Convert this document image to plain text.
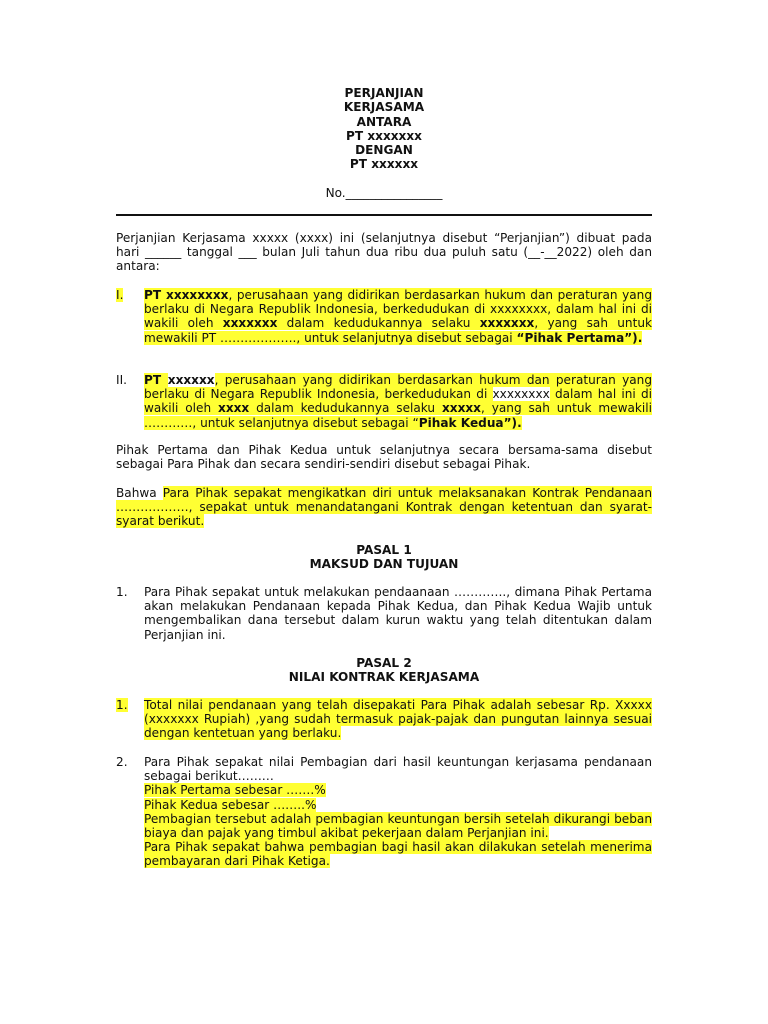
PERJANJIAN
KERJASAMA
ANTARA
PT xxxxxxx
DENGAN
PT xxxxxx
No.________________
Perjanjian Kerjasama xxxxx (xxxx) ini (selanjutnya disebut “Perjanjian”) dibuat pada hari ______ tanggal ___ bulan Juli tahun dua ribu dua puluh satu (__-__2022) oleh dan antara:
I. PT xxxxxxxx, perusahaan yang didirikan berdasarkan hukum dan peraturan yang berlaku di Negara Republik Indonesia, berkedudukan di xxxxxxxx, dalam hal ini di wakili oleh xxxxxxx dalam kedudukannya selaku xxxxxxx, yang sah untuk mewakili PT ………………., untuk selanjutnya disebut sebagai “Pihak Pertama”).
II. PT xxxxxx, perusahaan yang didirikan berdasarkan hukum dan peraturan yang berlaku di Negara Republik Indonesia, berkedudukan di xxxxxxxx dalam hal ini di wakili oleh xxxx dalam kedudukannya selaku xxxxx, yang sah untuk mewakili …………, untuk selanjutnya disebut sebagai “Pihak Kedua”).
Pihak Pertama dan Pihak Kedua untuk selanjutnya secara bersama-sama disebut sebagai Para Pihak dan secara sendiri-sendiri disebut sebagai Pihak.
Bahwa Para Pihak sepakat mengikatkan diri untuk melaksanakan Kontrak Pendanaan ………………, sepakat untuk menandatangani Kontrak dengan ketentuan dan syarat-syarat berikut.
PASAL 1
MAKSUD DAN TUJUAN
1. Para Pihak sepakat untuk melakukan pendaanaan …………., dimana Pihak Pertama akan melakukan Pendanaan kepada Pihak Kedua, dan Pihak Kedua Wajib untuk mengembalikan dana tersebut dalam kurun waktu yang telah ditentukan dalam Perjanjian ini.
PASAL 2
NILAI KONTRAK KERJASAMA
1. Total nilai pendanaan yang telah disepakati Para Pihak adalah sebesar Rp. Xxxxx (xxxxxxx Rupiah) ,yang sudah termasuk pajak-pajak dan pungutan lainnya sesuai dengan kentetuan yang berlaku.
2. Para Pihak sepakat nilai Pembagian dari hasil keuntungan kerjasama pendanaan sebagai berikut………
Pihak Pertama sebesar …….%
Pihak Kedua sebesar ……..%
Pembagian tersebut adalah pembagian keuntungan bersih setelah dikurangi beban biaya dan pajak yang timbul akibat pekerjaan dalam Perjanjian ini.
Para Pihak sepakat bahwa pembagian bagi hasil akan dilakukan setelah menerima pembayaran dari Pihak Ketiga.
